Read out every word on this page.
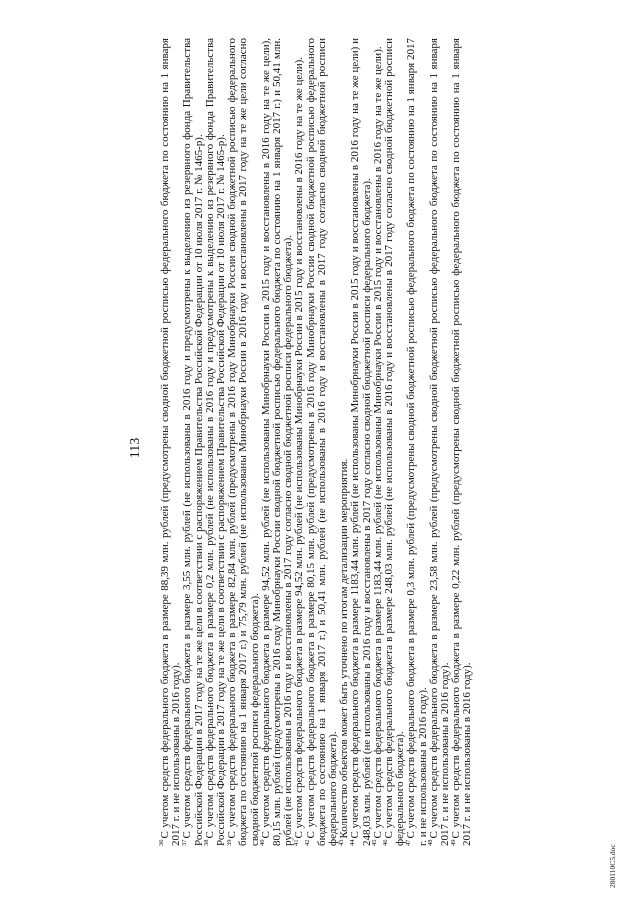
113

$^{36}$С учетом средств федерального бюджета в размере 88,39 млн. рублей (предусмотрены сводной бюджетной росписью федерального бюджета по состоянию на 1 января 2017 г. и не использованы в 2016 году).

$^{37}$С учетом средств федерального бюджета в размере 3,55 млн. рублей (не использованы в 2016 году и предусмотрены к выделению из резервного фонда Правительства Российской Федерации в 2017 году на те же цели в соответствии с распоряжением Правительства Российской Федерации от 10 июля 2017 г. № 1465-р).

$^{38}$С учетом средств федерального бюджета в размере 0,2 млн. рублей (не использованы в 2016 году и предусмотрены к выделению из резервного фонда Правительства Российской Федерации в 2017 году на те же цели в соответствии с распоряжением Правительства Российской Федерации от 10 июля 2017 г. № 1465-р).

$^{39}$С учетом средств федерального бюджета в размере 82,84 млн. рублей (предусмотрены в 2016 году Минобрнауки России сводной бюджетной росписью федерального бюджета по состоянию на 1 января 2017 г.) и 75,79 млн. рублей (не использованы Минобрнауки России в 2016 году и восстановлены в 2017 году на те же цели согласно сводной бюджетной росписи федерального бюджета).

$^{40}$С учетом средств федерального бюджета в размере 94,52 млн. рублей (не использованы Минобрнауки России в 2015 году и восстановлены в 2016 году на те же цели), 80,15 млн. рублей (предусмотрены в 2016 году Минобрнауки России сводной бюджетной росписью федерального бюджета по состоянию на 1 января 2017 г.) и 50,41 млн. рублей (не использованы в 2016 году и восстановлены в 2017 году согласно сводной бюджетной росписи федерального бюджета).

$^{41}$С учетом средств федерального бюджета в размере 94,52 млн. рублей (не использованы Минобрнауки России в 2015 году и восстановлены в 2016 году на те же цели).

$^{42}$С учетом средств федерального бюджета в размере 80,15 млн. рублей (предусмотрены в 2016 году Минобрнауки России сводной бюджетной росписью федерального бюджета по состоянию на 1 января 2017 г.) и 50,41 млн. рублей (не использованы в 2016 году и восстановлены в 2017 году согласно сводной бюджетной росписи федерального бюджета).

$^{43}$Количество объектов может быть уточнено по итогам детализации мероприятия.

$^{44}$С учетом средств федерального бюджета в размере 1183,44 млн. рублей (не использованы Минобрнауки России в 2015 году и восстановлены в 2016 году на те же цели) и 248,03 млн. рублей (не использованы в 2016 году и восстановлены в 2017 году согласно сводной бюджетной росписи федерального бюджета).

$^{45}$С учетом средств федерального бюджета в размере 1183,44 млн. рублей (не использованы Минобрнауки России в 2015 году и восстановлены в 2016 году на те же цели).

$^{46}$С учетом средств федерального бюджета в размере 248,03 млн. рублей (не использованы в 2016 году и восстановлены в 2017 году согласно сводной бюджетной росписи федерального бюджета).

$^{47}$С учетом средств федерального бюджета в размере 0,3 млн. рублей (предусмотрены сводной бюджетной росписью федерального бюджета по состоянию на 1 января 2017 г. и не использованы в 2016 году).

$^{48}$С учетом средств федерального бюджета в размере 23,58 млн. рублей (предусмотрены сводной бюджетной росписью федерального бюджета по состоянию на 1 января 2017 г. и не использованы в 2016 году).

$^{49}$С учетом средств федерального бюджета в размере 0,22 млн. рублей (предусмотрены сводной бюджетной росписью федерального бюджета по состоянию на 1 января 2017 г. и не использованы в 2016 году).

280110C5.doc
